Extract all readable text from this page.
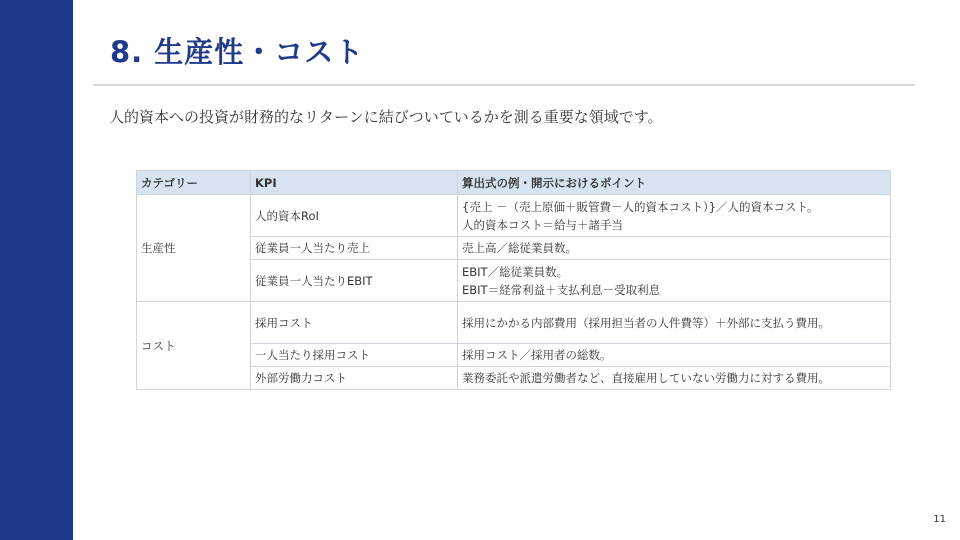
8. 生産性・コスト
人的資本への投資が財務的なリターンに結びついているかを測る重要な領域です。
カテゴリー	KPI	算出式の例・開示におけるポイント
生産性	人的資本RoI	{売上 －（売上原価＋販管費－人的資本コスト）}／人的資本コスト。
人的資本コスト＝給与＋諸手当

	従業員一人当たり売上	売上高／総従業員数。

	従業員一人当たりEBIT	EBIT／総従業員数。
EBIT＝経常利益＋支払利息－受取利息

コスト	採用コスト	採用にかかる内部費用（採用担当者の人件費等）＋外部に支払う費用。

	一人当たり採用コスト	採用コスト／採用者の総数。

	外部労働力コスト	業務委託や派遣労働者など、直接雇用していない労働力に対する費用。
11
